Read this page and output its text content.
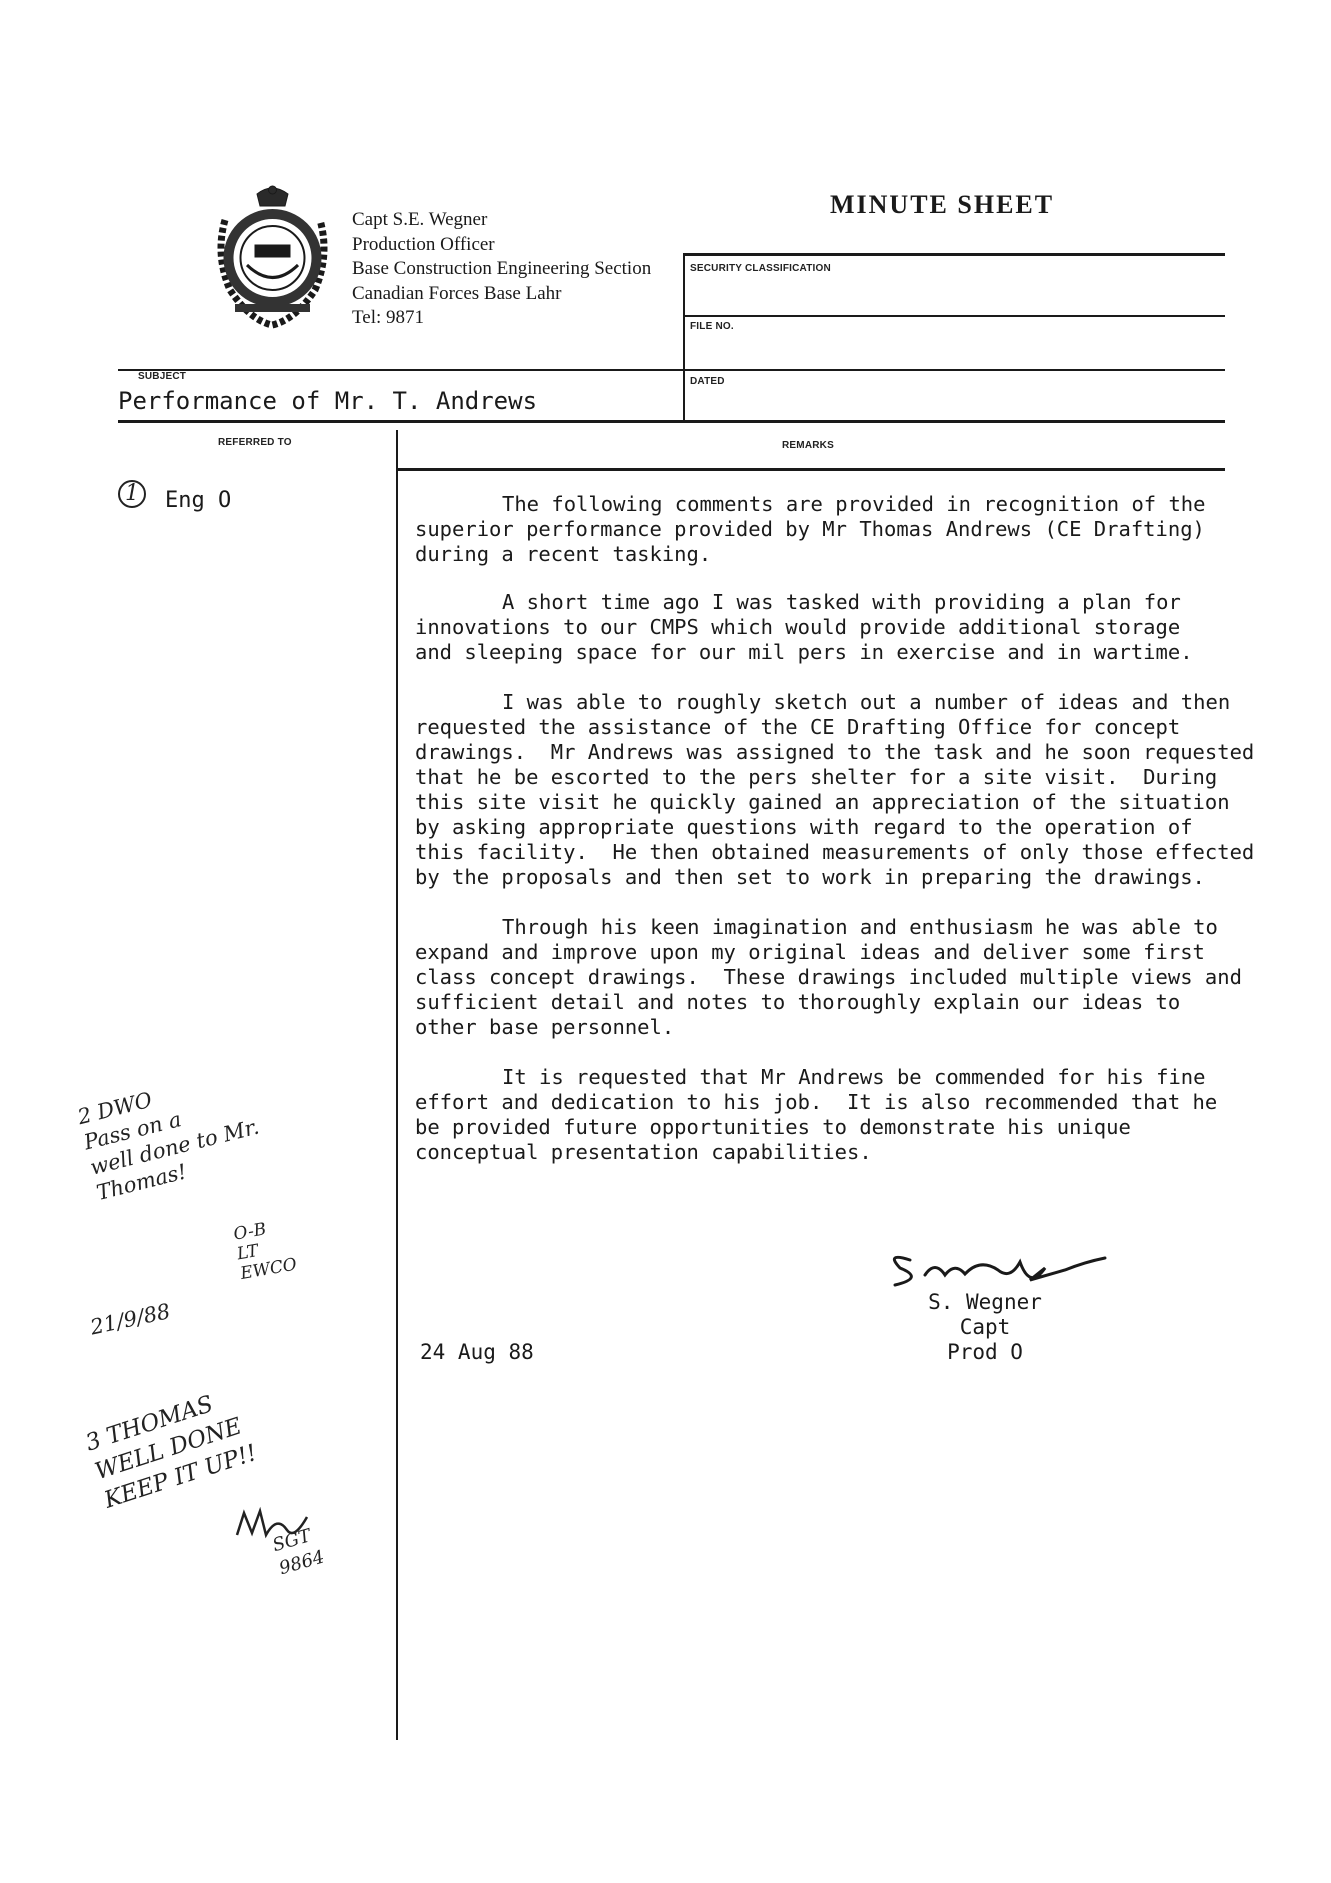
Capt S.E. Wegner
Production Officer
Base Construction Engineering Section
Canadian Forces Base Lahr
Tel: 9871
MINUTE SHEET
SECURITY CLASSIFICATION
FILE NO.
DATED
SUBJECT
REFERRED TO	REMARKS
Performance of Mr. T. Andrews
1	Eng O	The following comments are provided in recognition of the
superior performance provided by Mr Thomas Andrews (CE Drafting)
during a recent tasking.
A short time ago I was tasked with providing a plan for
innovations to our CMPS which would provide additional storage
and sleeping space for our mil pers in exercise and in wartime.
I was able to roughly sketch out a number of ideas and then
requested the assistance of the CE Drafting Office for concept
drawings.  Mr Andrews was assigned to the task and he soon requested
that he be escorted to the pers shelter for a site visit.  During
this site visit he quickly gained an appreciation of the situation
by asking appropriate questions with regard to the operation of
this facility.  He then obtained measurements of only those effected
by the proposals and then set to work in preparing the drawings.
Through his keen imagination and enthusiasm he was able to
expand and improve upon my original ideas and deliver some first
class concept drawings.  These drawings included multiple views and
sufficient detail and notes to thoroughly explain our ideas to
other base personnel.
It is requested that Mr Andrews be commended for his fine
effort and dedication to his job.  It is also recommended that he
be provided future opportunities to demonstrate his unique
conceptual presentation capabilities.
S. Wegner
Capt
Prod O
24 Aug 88
2 DWO
Pass on a
well done to Mr.
Thomas!
O-B
LT
EWCO
21/9/88
3 THOMAS
WELL DONE
KEEP IT UP!!
SGT
9864
